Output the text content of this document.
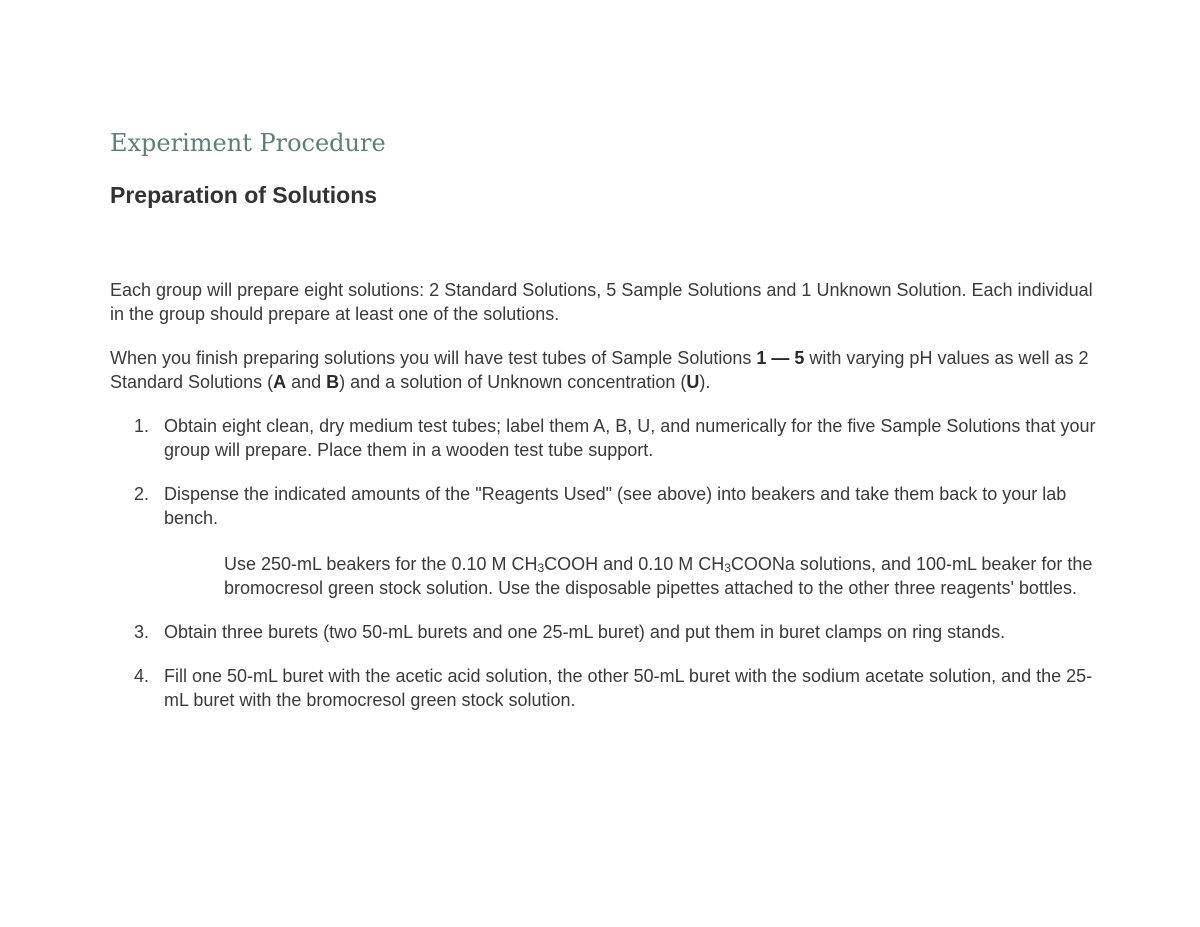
Experiment Procedure
Preparation of Solutions

Each group will prepare eight solutions: 2 Standard Solutions, 5 Sample Solutions and 1 Unknown Solution. Each individual in the group should prepare at least one of the solutions.

When you finish preparing solutions you will have test tubes of Sample Solutions 1 — 5 with varying pH values as well as 2 Standard Solutions (A and B) and a solution of Unknown concentration (U).

1. Obtain eight clean, dry medium test tubes; label them A, B, U, and numerically for the five Sample Solutions that your group will prepare. Place them in a wooden test tube support.
2. Dispense the indicated amounts of the "Reagents Used" (see above) into beakers and take them back to your lab bench.

Use 250-mL beakers for the 0.10 M $CH_3COOH$ and 0.10 M $CH_3COONa$ solutions, and 100-mL beaker for the bromocresol green stock solution. Use the disposable pipettes attached to the other three reagents' bottles.

3. Obtain three burets (two 50-mL burets and one 25-mL buret) and put them in buret clamps on ring stands.
4. Fill one 50-mL buret with the acetic acid solution, the other 50-mL buret with the sodium acetate solution, and the 25-mL buret with the bromocresol green stock solution.
